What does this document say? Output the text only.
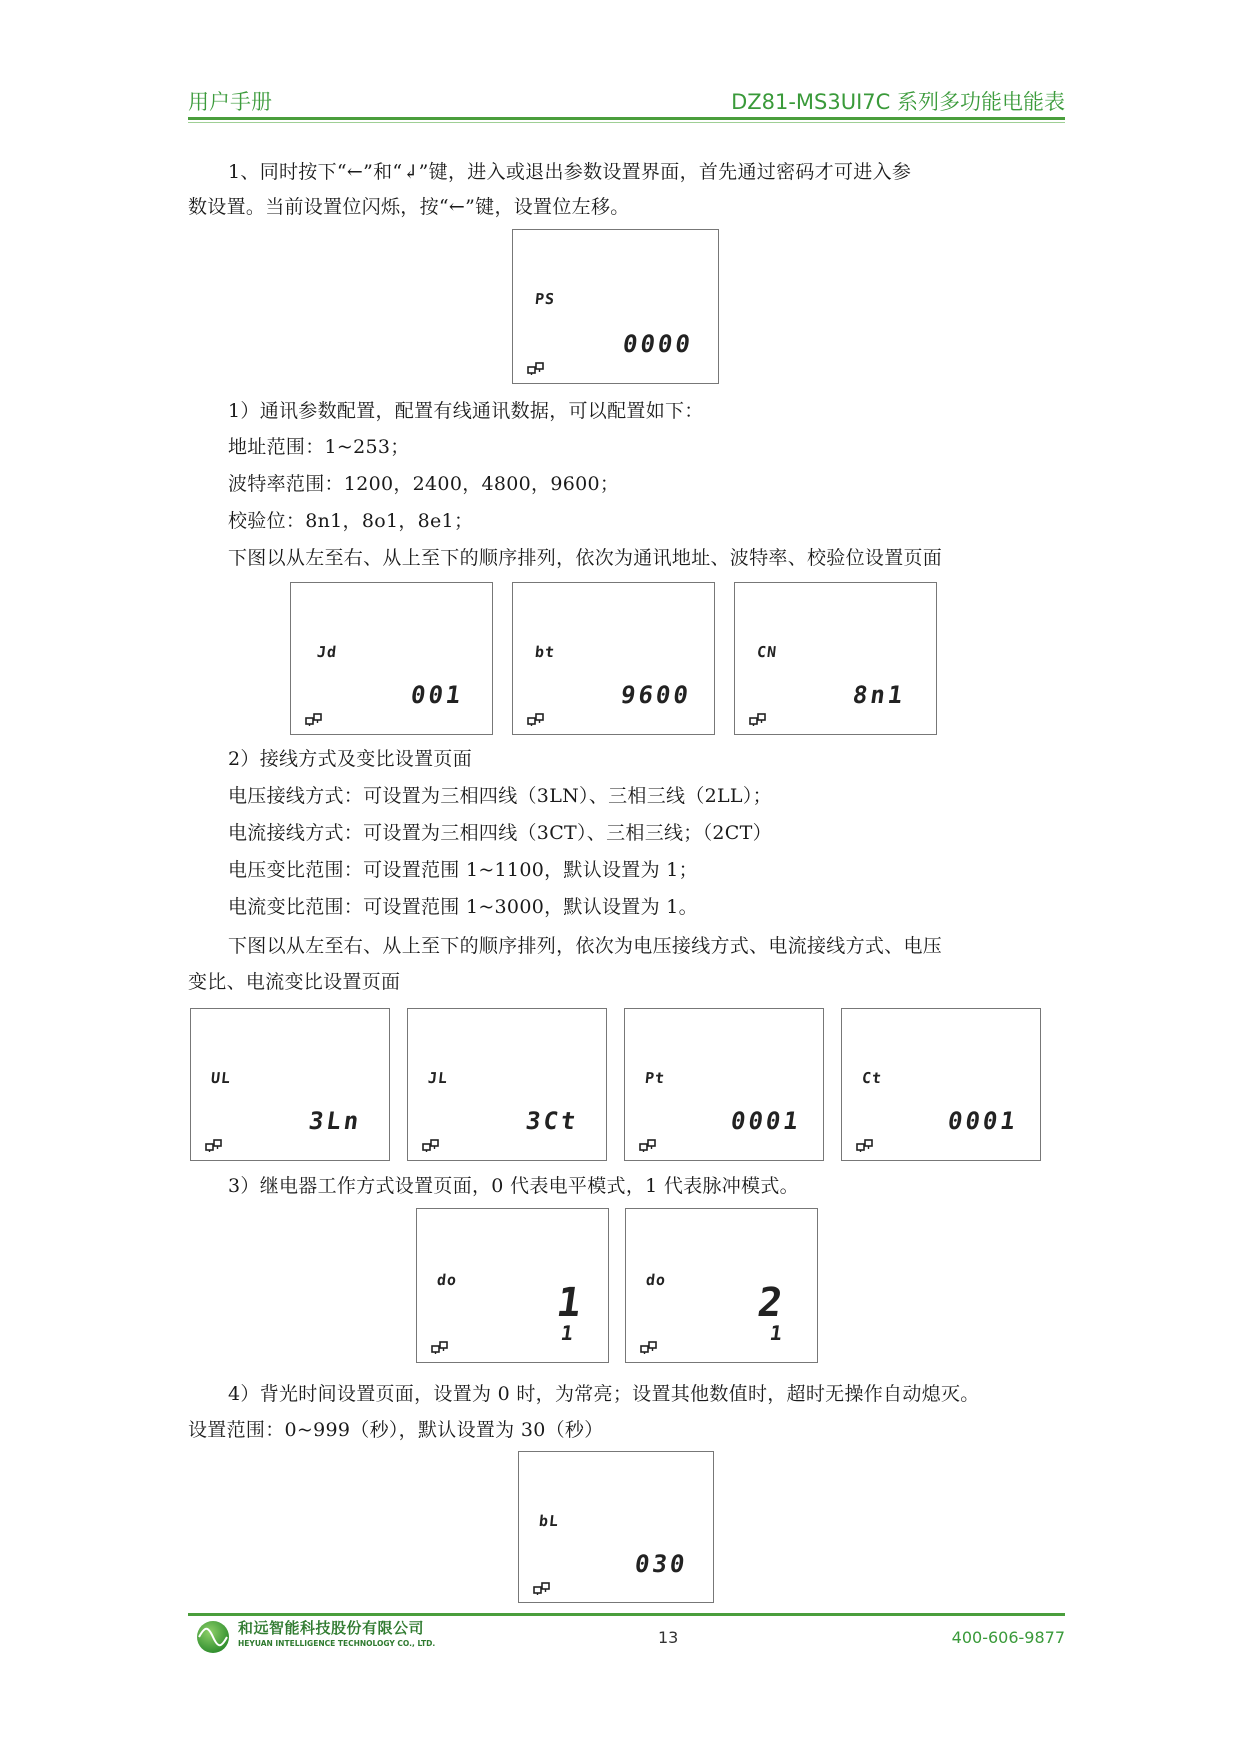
用户手册	DZ81-MS3UI7C 系列多功能电能表
1、同时按下“←”和“↲”键，进入或退出参数设置界面，首先通过密码才可进入参
数设置。当前设置位闪烁，按“←”键，设置位左移。
PS
0000
1）通讯参数配置，配置有线通讯数据，可以配置如下：
地址范围：1~253；
波特率范围：1200，2400，4800，9600；
校验位：8n1，8o1，8e1；
下图以从左至右、从上至下的顺序排列，依次为通讯地址、波特率、校验位设置页面
Jd
001
bt
9600
CN
8n1
2）接线方式及变比设置页面
电压接线方式：可设置为三相四线（3LN）、三相三线（2LL）；
电流接线方式：可设置为三相四线（3CT）、三相三线；（2CT）
电压变比范围：可设置范围 1~1100，默认设置为 1；
电流变比范围：可设置范围 1~3000，默认设置为 1。
下图以从左至右、从上至下的顺序排列，依次为电压接线方式、电流接线方式、电压
变比、电流变比设置页面
UL
3Ln
JL
3Ct
Pt
0001
Ct
0001
3）继电器工作方式设置页面，0 代表电平模式，1 代表脉冲模式。
do 1
1
do 2
1
4）背光时间设置页面，设置为 0 时，为常亮；设置其他数值时，超时无操作自动熄灭。
设置范围：0~999（秒），默认设置为 30（秒）
bL
030
和远智能科技股份有限公司
HEYUAN INTELLIGENCE TECHNOLOGY CO., LTD.	13	400-606-9877
